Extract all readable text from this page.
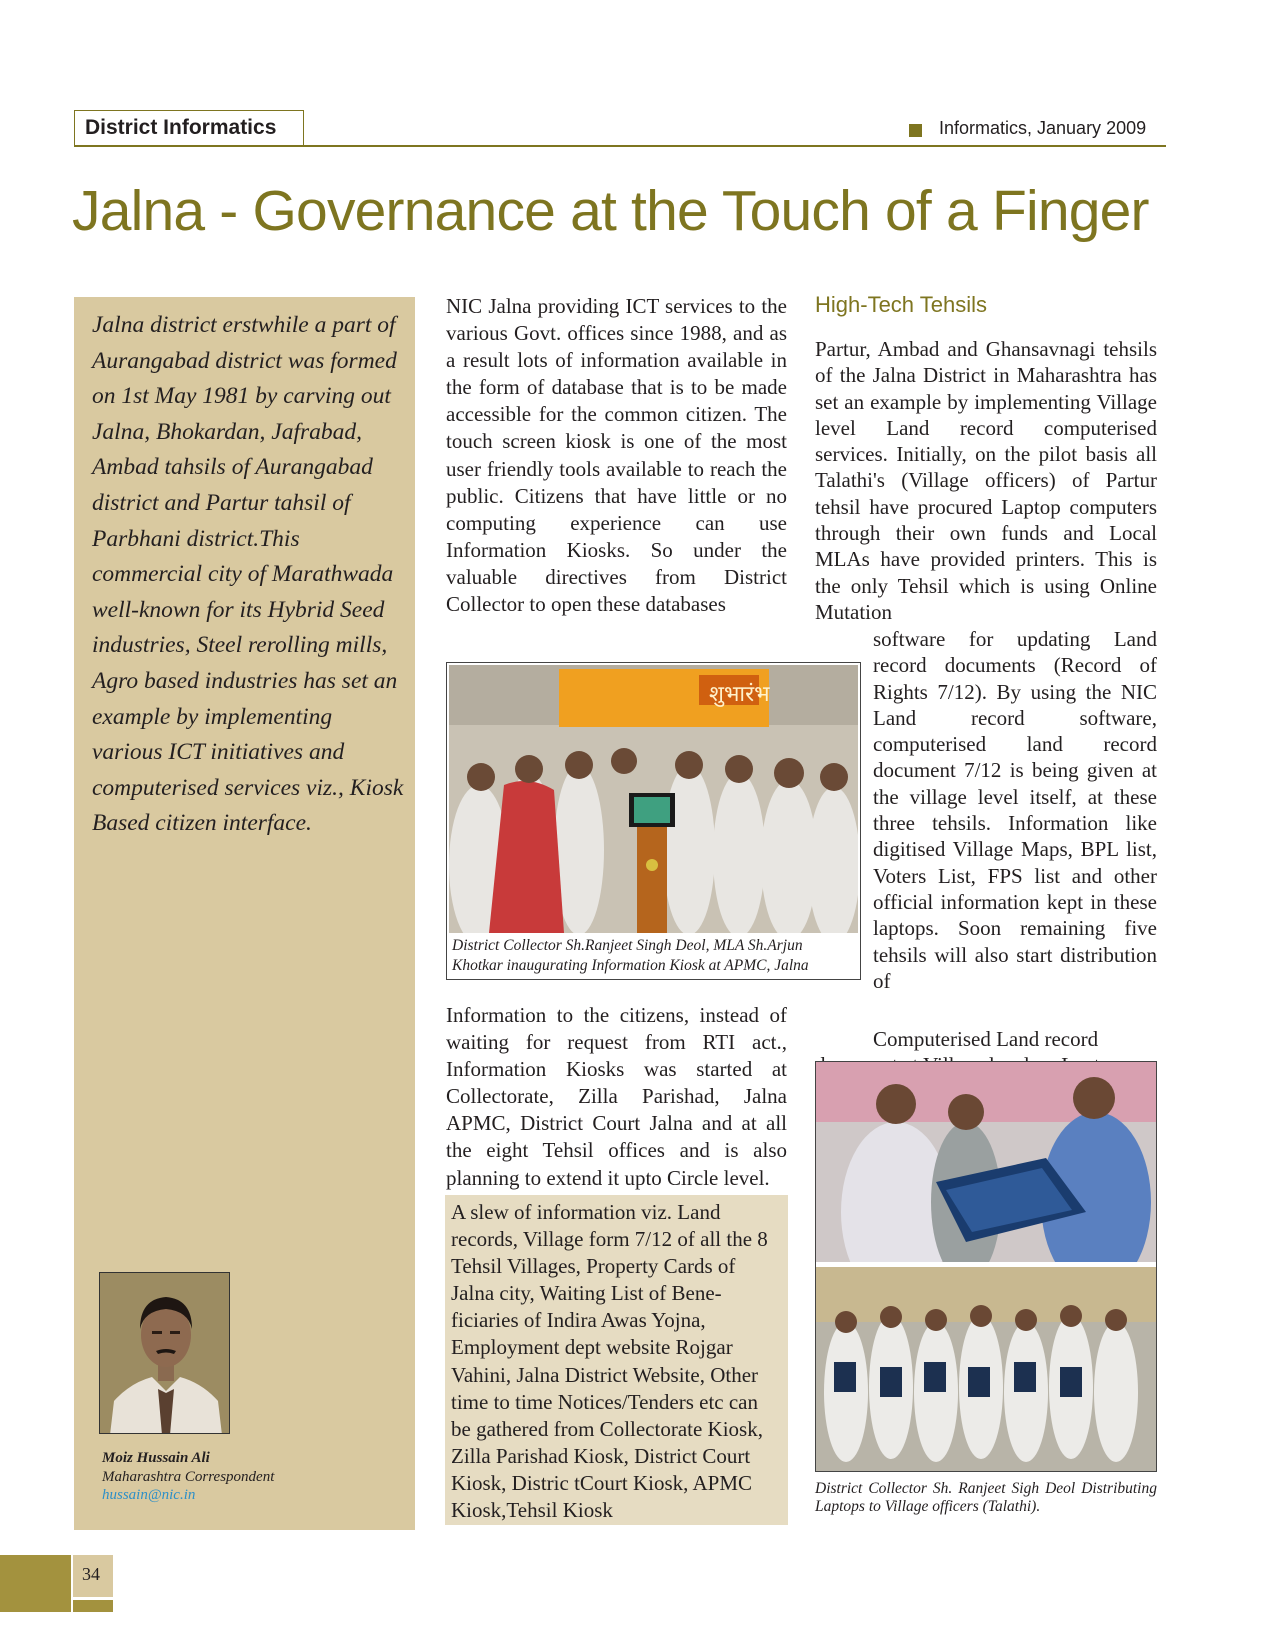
District Informatics	Informatics, January 2009
Jalna - Governance at the Touch of a Finger

Jalna district erstwhile a part of Aurangabad district was formed on 1st May 1981 by carving out Jalna, Bhokardan, Jafrabad, Ambad tahsils of Aurangabad district and Partur tahsil of Parbhani district.This commercial city of Marathwada well-known for its Hybrid Seed industries, Steel rerolling mills, Agro based industries has set an example by implementing various ICT initiatives and computerised services viz., Kiosk Based citizen interface.

Moiz Hussain Ali
Maharashtra Correspondent
hussain@nic.in

NIC Jalna providing ICT services to the various Govt. offices since 1988, and as a result lots of information available in the form of database that is to be made accessible for the common citizen. The touch screen kiosk is one of the most user friendly tools available to reach the public. Citizens that have little or no computing experience can use Information Kiosks. So under the valuable directives from District Collector to open these databases

शुभारंभ
District Collector Sh.Ranjeet Singh Deol, MLA Sh.Arjun Khotkar inaugurating Information Kiosk at APMC, Jalna

Information to the citizens, instead of waiting for request from RTI act., Information Kiosks was started at Collectorate, Zilla Parishad, Jalna APMC, District Court Jalna and at all the eight Tehsil offices and is also planning to extend it upto Circle level.

A slew of information viz. Land records, Village form 7/12 of all the 8 Tehsil Villages, Property Cards of Jalna city, Waiting List of Bene-ficiaries of Indira Awas Yojna, Employment dept website Rojgar Vahini, Jalna District Website, Other time to time Notices/Tenders etc can be gathered from Collectorate Kiosk, Zilla Parishad Kiosk, District Court Kiosk, Distric tCourt Kiosk, APMC Kiosk,Tehsil Kiosk

High-Tech Tehsils

Partur, Ambad and Ghansavnagi tehsils of the Jalna District in Maharashtra has set an example by implementing Village level Land record computerised services. Initially, on the pilot basis all Talathi's (Village officers) of Partur tehsil have procured Laptop computers through their own funds and Local MLAs have provided printers. This is the only Tehsil which is using Online Mutation

software for updating Land record documents (Record of Rights 7/12). By using the NIC Land record software, computerised land record document 7/12 is being given at the village level itself, at these three tehsils. Information like digitised Village Maps, BPL list, Voters List, FPS list and other official information kept in these laptops. Soon remaining five tehsils will also start distribution of

Computerised Land record

District Collector Sh. Ranjeet Sigh Deol Distributing Laptops to Village officers (Talathi).

34
